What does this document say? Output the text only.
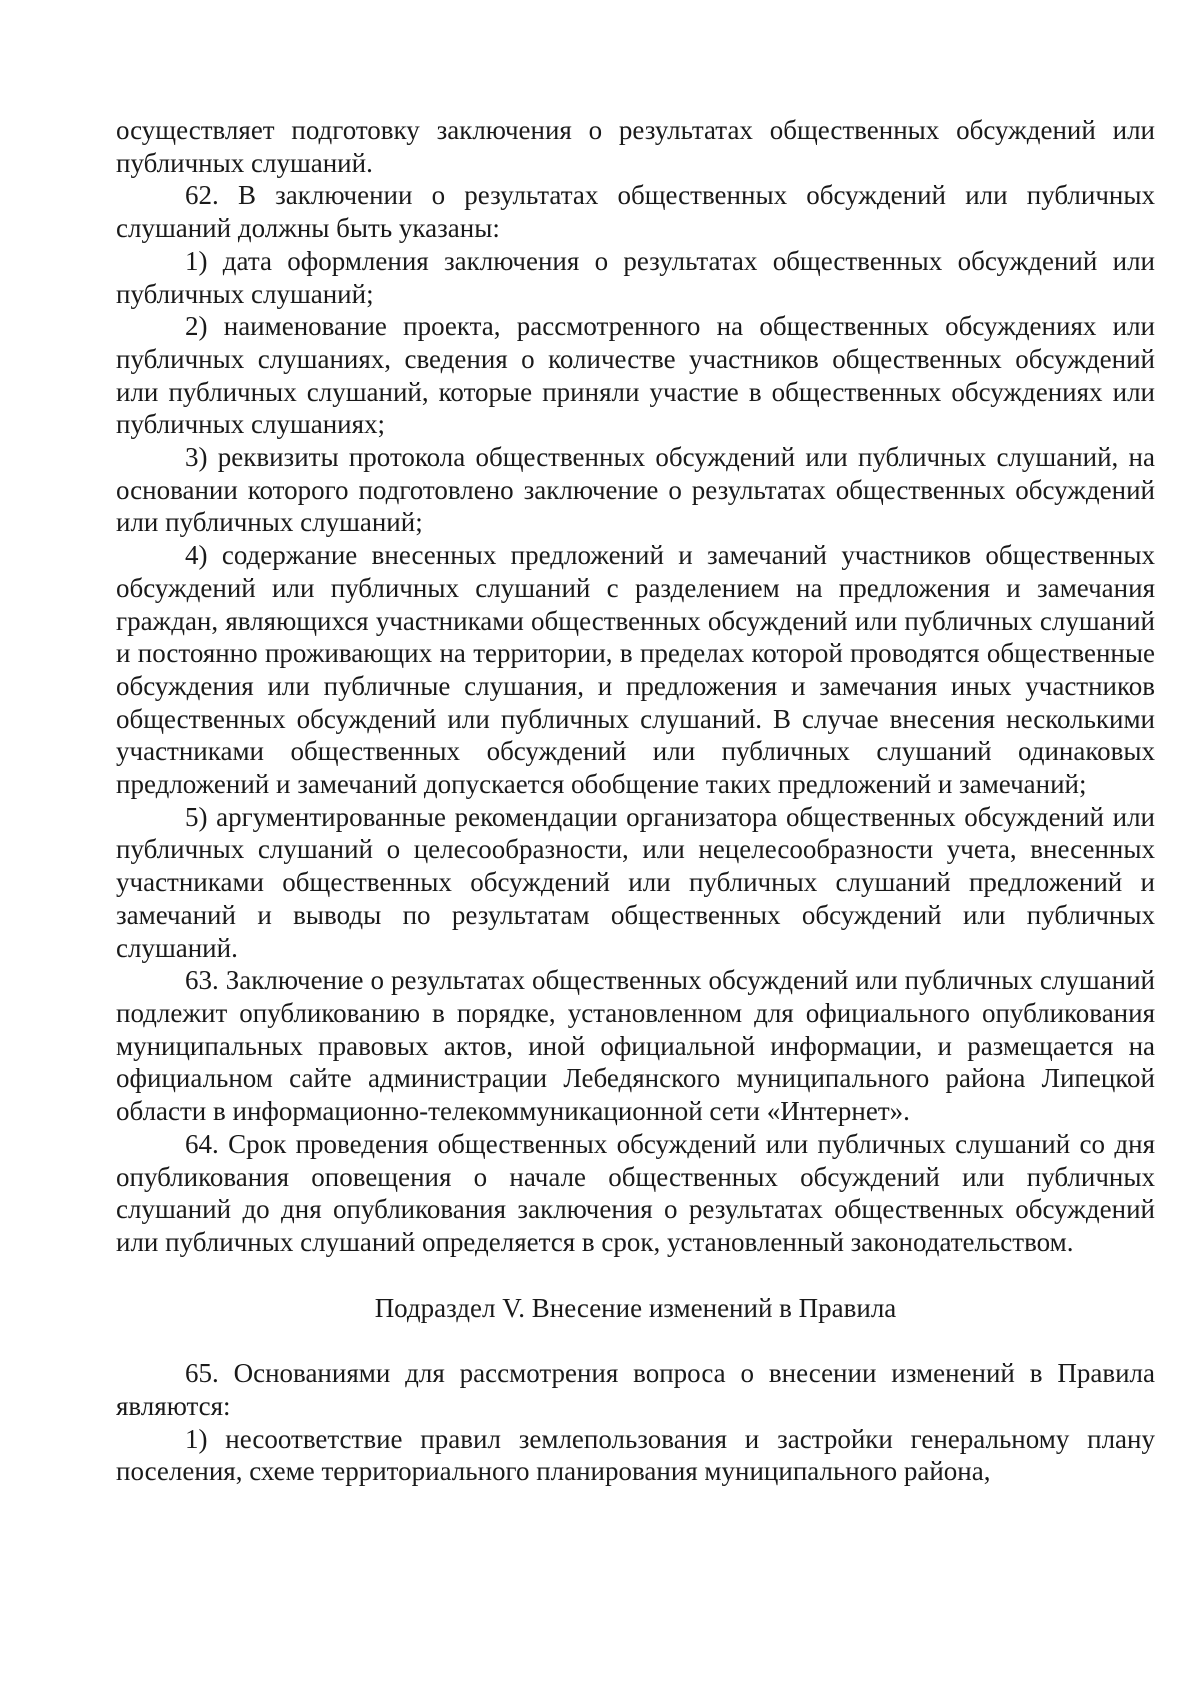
осуществляет подготовку заключения о результатах общественных обсуждений или публичных слушаний.

62. В заключении о результатах общественных обсуждений или публичных слушаний должны быть указаны:

1) дата оформления заключения о результатах общественных обсуждений или публичных слушаний;

2) наименование проекта, рассмотренного на общественных обсуждениях или публичных слушаниях, сведения о количестве участников общественных обсуждений или публичных слушаний, которые приняли участие в общественных обсуждениях или публичных слушаниях;

3) реквизиты протокола общественных обсуждений или публичных слушаний, на основании которого подготовлено заключение о результатах общественных обсуждений или публичных слушаний;

4) содержание внесенных предложений и замечаний участников общественных обсуждений или публичных слушаний с разделением на предложения и замечания граждан, являющихся участниками общественных обсуждений или публичных слушаний и постоянно проживающих на территории, в пределах которой проводятся общественные обсуждения или публичные слушания, и предложения и замечания иных участников общественных обсуждений или публичных слушаний. В случае внесения несколькими участниками общественных обсуждений или публичных слушаний одинаковых предложений и замечаний допускается обобщение таких предложений и замечаний;

5) аргументированные рекомендации организатора общественных обсуждений или публичных слушаний о целесообразности, или нецелесообразности учета, внесенных участниками общественных обсуждений или публичных слушаний предложений и замечаний и выводы по результатам общественных обсуждений или публичных слушаний.

63. Заключение о результатах общественных обсуждений или публичных слушаний подлежит опубликованию в порядке, установленном для официального опубликования муниципальных правовых актов, иной официальной информации, и размещается на официальном сайте администрации Лебедянского муниципального района Липецкой области в информационно-телекоммуникационной сети «Интернет».

64. Срок проведения общественных обсуждений или публичных слушаний со дня опубликования оповещения о начале общественных обсуждений или публичных слушаний до дня опубликования заключения о результатах общественных обсуждений или публичных слушаний определяется в срок, установленный законодательством.

Подраздел V. Внесение изменений в Правила

65. Основаниями для рассмотрения вопроса о внесении изменений в Правила являются:

1) несоответствие правил землепользования и застройки генеральному плану поселения, схеме территориального планирования муниципального района,
